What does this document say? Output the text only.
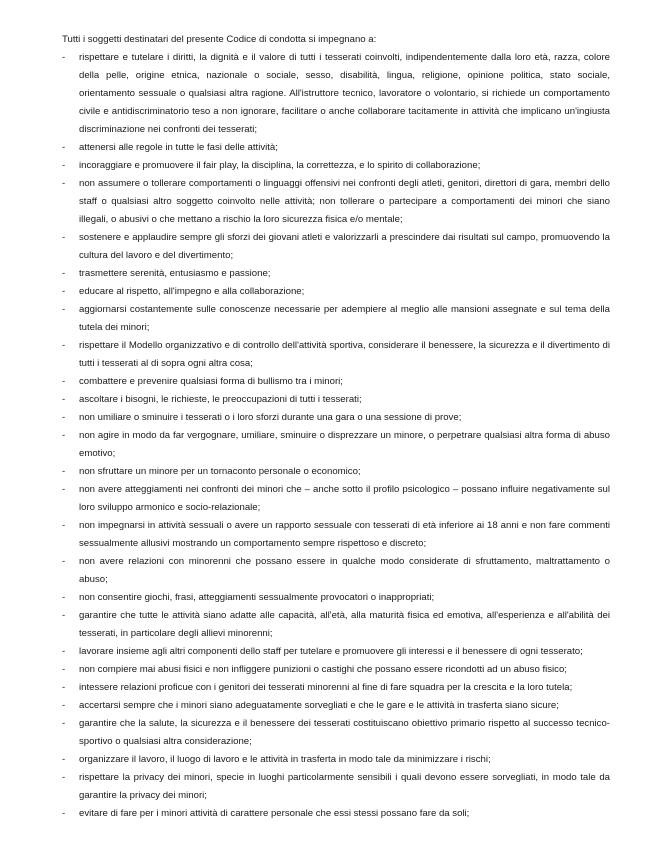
Tutti i soggetti destinatari del presente Codice di condotta si impegnano a:

- rispettare e tutelare i diritti, la dignità e il valore di tutti i tesserati coinvolti, indipendentemente dalla loro età, razza, colore della pelle, origine etnica, nazionale o sociale, sesso, disabilità, lingua, religione, opinione politica, stato sociale, orientamento sessuale o qualsiasi altra ragione. All'istruttore tecnico, lavoratore o volontario, si richiede un comportamento civile e antidiscriminatorio teso a non ignorare, facilitare o anche collaborare tacitamente in attività che implicano un'ingiusta discriminazione nei confronti dei tesserati;
- attenersi alle regole in tutte le fasi delle attività;
- incoraggiare e promuovere il fair play, la disciplina, la correttezza, e lo spirito di collaborazione;
- non assumere o tollerare comportamenti o linguaggi offensivi nei confronti degli atleti, genitori, direttori di gara, membri dello staff o qualsiasi altro soggetto coinvolto nelle attività; non tollerare o partecipare a comportamenti dei minori che siano illegali, o abusivi o che mettano a rischio la loro sicurezza fisica e/o mentale;
- sostenere e applaudire sempre gli sforzi dei giovani atleti e valorizzarli a prescindere dai risultati sul campo, promuovendo la cultura del lavoro e del divertimento;
- trasmettere serenità, entusiasmo e passione;
- educare al rispetto, all'impegno e alla collaborazione;
- aggiornarsi costantemente sulle conoscenze necessarie per adempiere al meglio alle mansioni assegnate e sul tema della tutela dei minori;
- rispettare il Modello organizzativo e di controllo dell'attività sportiva, considerare il benessere, la sicurezza e il divertimento di tutti i tesserati al di sopra ogni altra cosa;
- combattere e prevenire qualsiasi forma di bullismo tra i minori;
- ascoltare i bisogni, le richieste, le preoccupazioni di tutti i tesserati;
- non umiliare o sminuire i tesserati o i loro sforzi durante una gara o una sessione di prove;
- non agire in modo da far vergognare, umiliare, sminuire o disprezzare un minore, o perpetrare qualsiasi altra forma di abuso emotivo;
- non sfruttare un minore per un tornaconto personale o economico;
- non avere atteggiamenti nei confronti dei minori che – anche sotto il profilo psicologico – possano influire negativamente sul loro sviluppo armonico e socio-relazionale;
- non impegnarsi in attività sessuali o avere un rapporto sessuale con tesserati di età inferiore ai 18 anni e non fare commenti sessualmente allusivi mostrando un comportamento sempre rispettoso e discreto;
- non avere relazioni con minorenni che possano essere in qualche modo considerate di sfruttamento, maltrattamento o abuso;
- non consentire giochi, frasi, atteggiamenti sessualmente provocatori o inappropriati;
- garantire che tutte le attività siano adatte alle capacità, all'età, alla maturità fisica ed emotiva, all'esperienza e all'abilità dei tesserati, in particolare degli allievi minorenni;
- lavorare insieme agli altri componenti dello staff per tutelare e promuovere gli interessi e il benessere di ogni tesserato;
- non compiere mai abusi fisici e non infliggere punizioni o castighi che possano essere ricondotti ad un abuso fisico;
- intessere relazioni proficue con i genitori dei tesserati minorenni al fine di fare squadra per la crescita e la loro tutela;
- accertarsi sempre che i minori siano adeguatamente sorvegliati e che le gare e le attività in trasferta siano sicure;
- garantire che la salute, la sicurezza e il benessere dei tesserati costituiscano obiettivo primario rispetto al successo tecnico-sportivo o qualsiasi altra considerazione;
- organizzare il lavoro, il luogo di lavoro e le attività in trasferta in modo tale da minimizzare i rischi;
- rispettare la privacy dei minori, specie in luoghi particolarmente sensibili i quali devono essere sorvegliati, in modo tale da garantire la privacy dei minori;
- evitare di fare per i minori attività di carattere personale che essi stessi possano fare da soli;
